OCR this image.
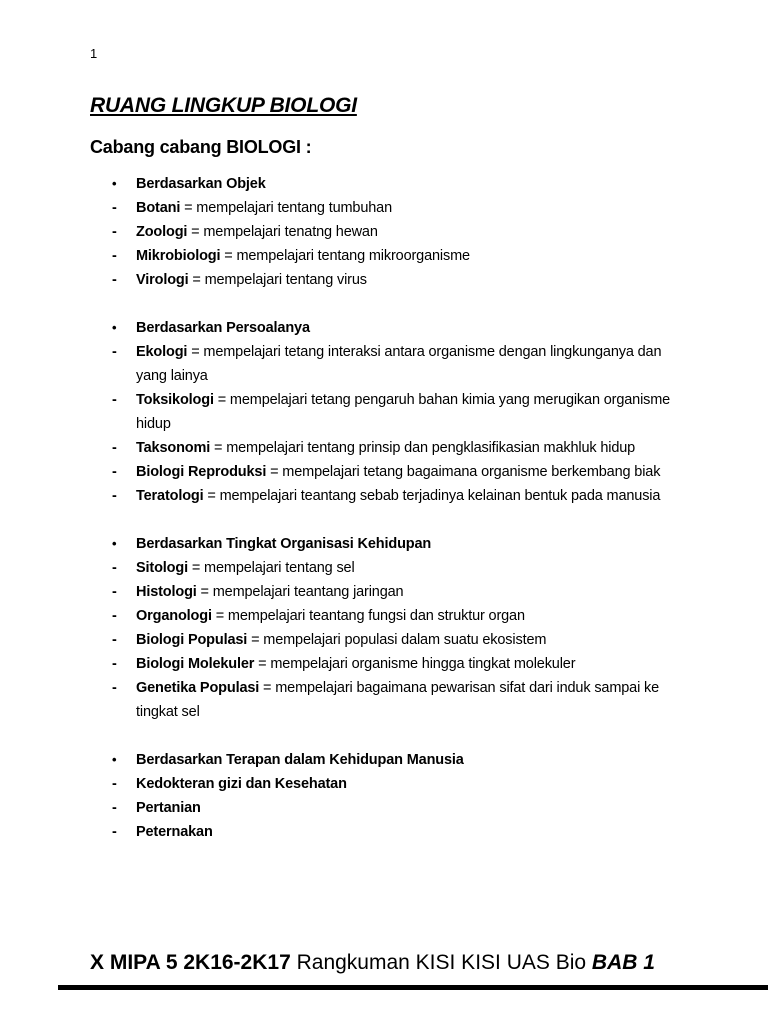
1
RUANG LINGKUP BIOLOGI
Cabang cabang BIOLOGI :
•	Berdasarkan Objek
-	Botani = mempelajari tentang tumbuhan
-	Zoologi = mempelajari tenatng hewan
-	Mikrobiologi = mempelajari tentang mikroorganisme
-	Virologi = mempelajari tentang virus
•	Berdasarkan Persoalanya
-	Ekologi = mempelajari tetang interaksi antara organisme dengan lingkunganya dan yang lainya
-	Toksikologi = mempelajari tetang pengaruh bahan kimia yang merugikan organisme hidup
-	Taksonomi = mempelajari tentang prinsip dan pengklasifikasian makhluk hidup
-	Biologi Reproduksi = mempelajari tetang bagaimana organisme berkembang biak
-	Teratologi = mempelajari teantang sebab terjadinya kelainan bentuk pada manusia
•	Berdasarkan Tingkat Organisasi Kehidupan
-	Sitologi = mempelajari tentang sel
-	Histologi = mempelajari teantang jaringan
-	Organologi = mempelajari teantang fungsi dan struktur organ
-	Biologi Populasi = mempelajari populasi dalam suatu ekosistem
-	Biologi Molekuler = mempelajari organisme hingga tingkat molekuler
-	Genetika Populasi = mempelajari bagaimana pewarisan sifat dari induk sampai ke tingkat sel
•	Berdasarkan Terapan dalam Kehidupan Manusia
-	Kedokteran gizi dan Kesehatan
-	Pertanian
-	Peternakan
X MIPA 5 2K16-2K17 Rangkuman KISI KISI UAS Bio BAB 1
